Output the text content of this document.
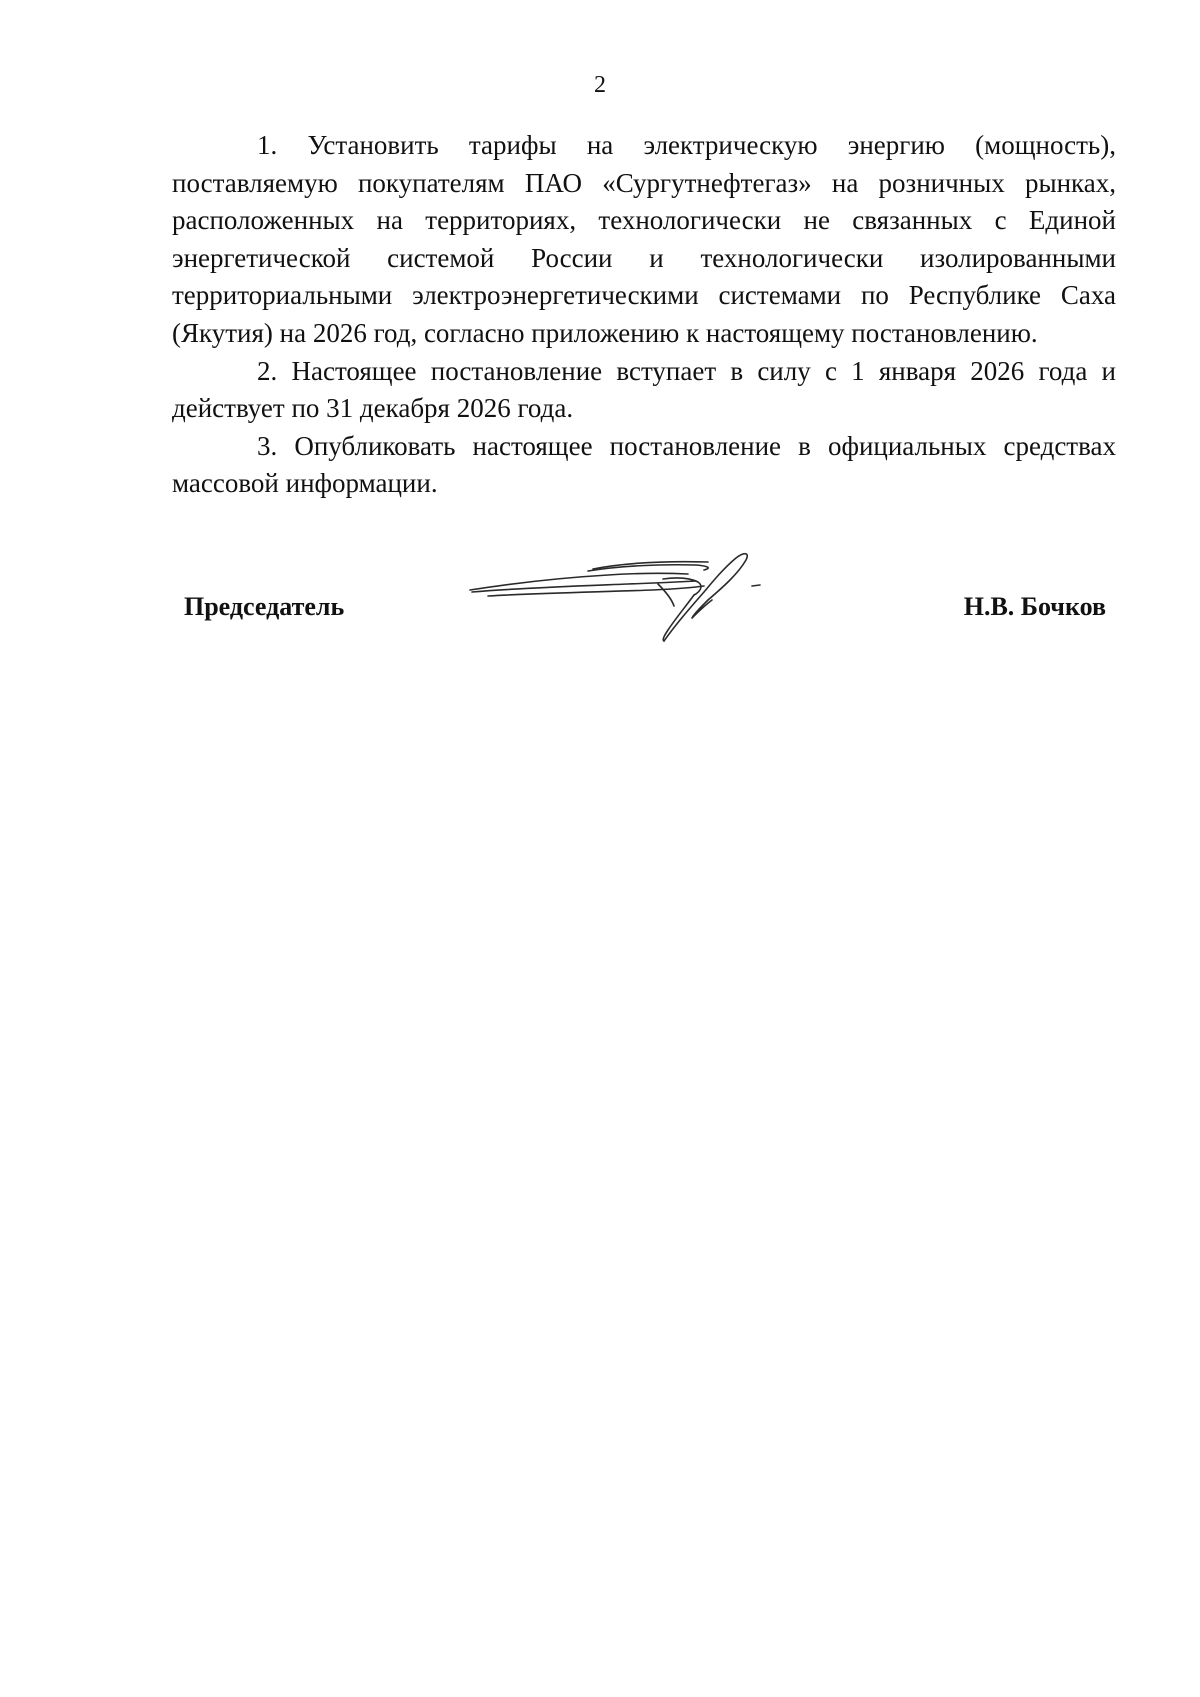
2

1. Установить тарифы на электрическую энергию (мощность), поставляемую покупателям ПАО «Сургутнефтегаз» на розничных рынках, расположенных на территориях, технологически не связанных с Единой энергетической системой России и технологически изолированными территориальными электроэнергетическими системами по Республике Саха (Якутия) на 2026 год, согласно приложению к настоящему постановлению.

2. Настоящее постановление вступает в силу с 1 января 2026 года и действует по 31 декабря 2026 года.

3. Опубликовать настоящее постановление в официальных средствах массовой информации.

Председатель	Н.В. Бочков
